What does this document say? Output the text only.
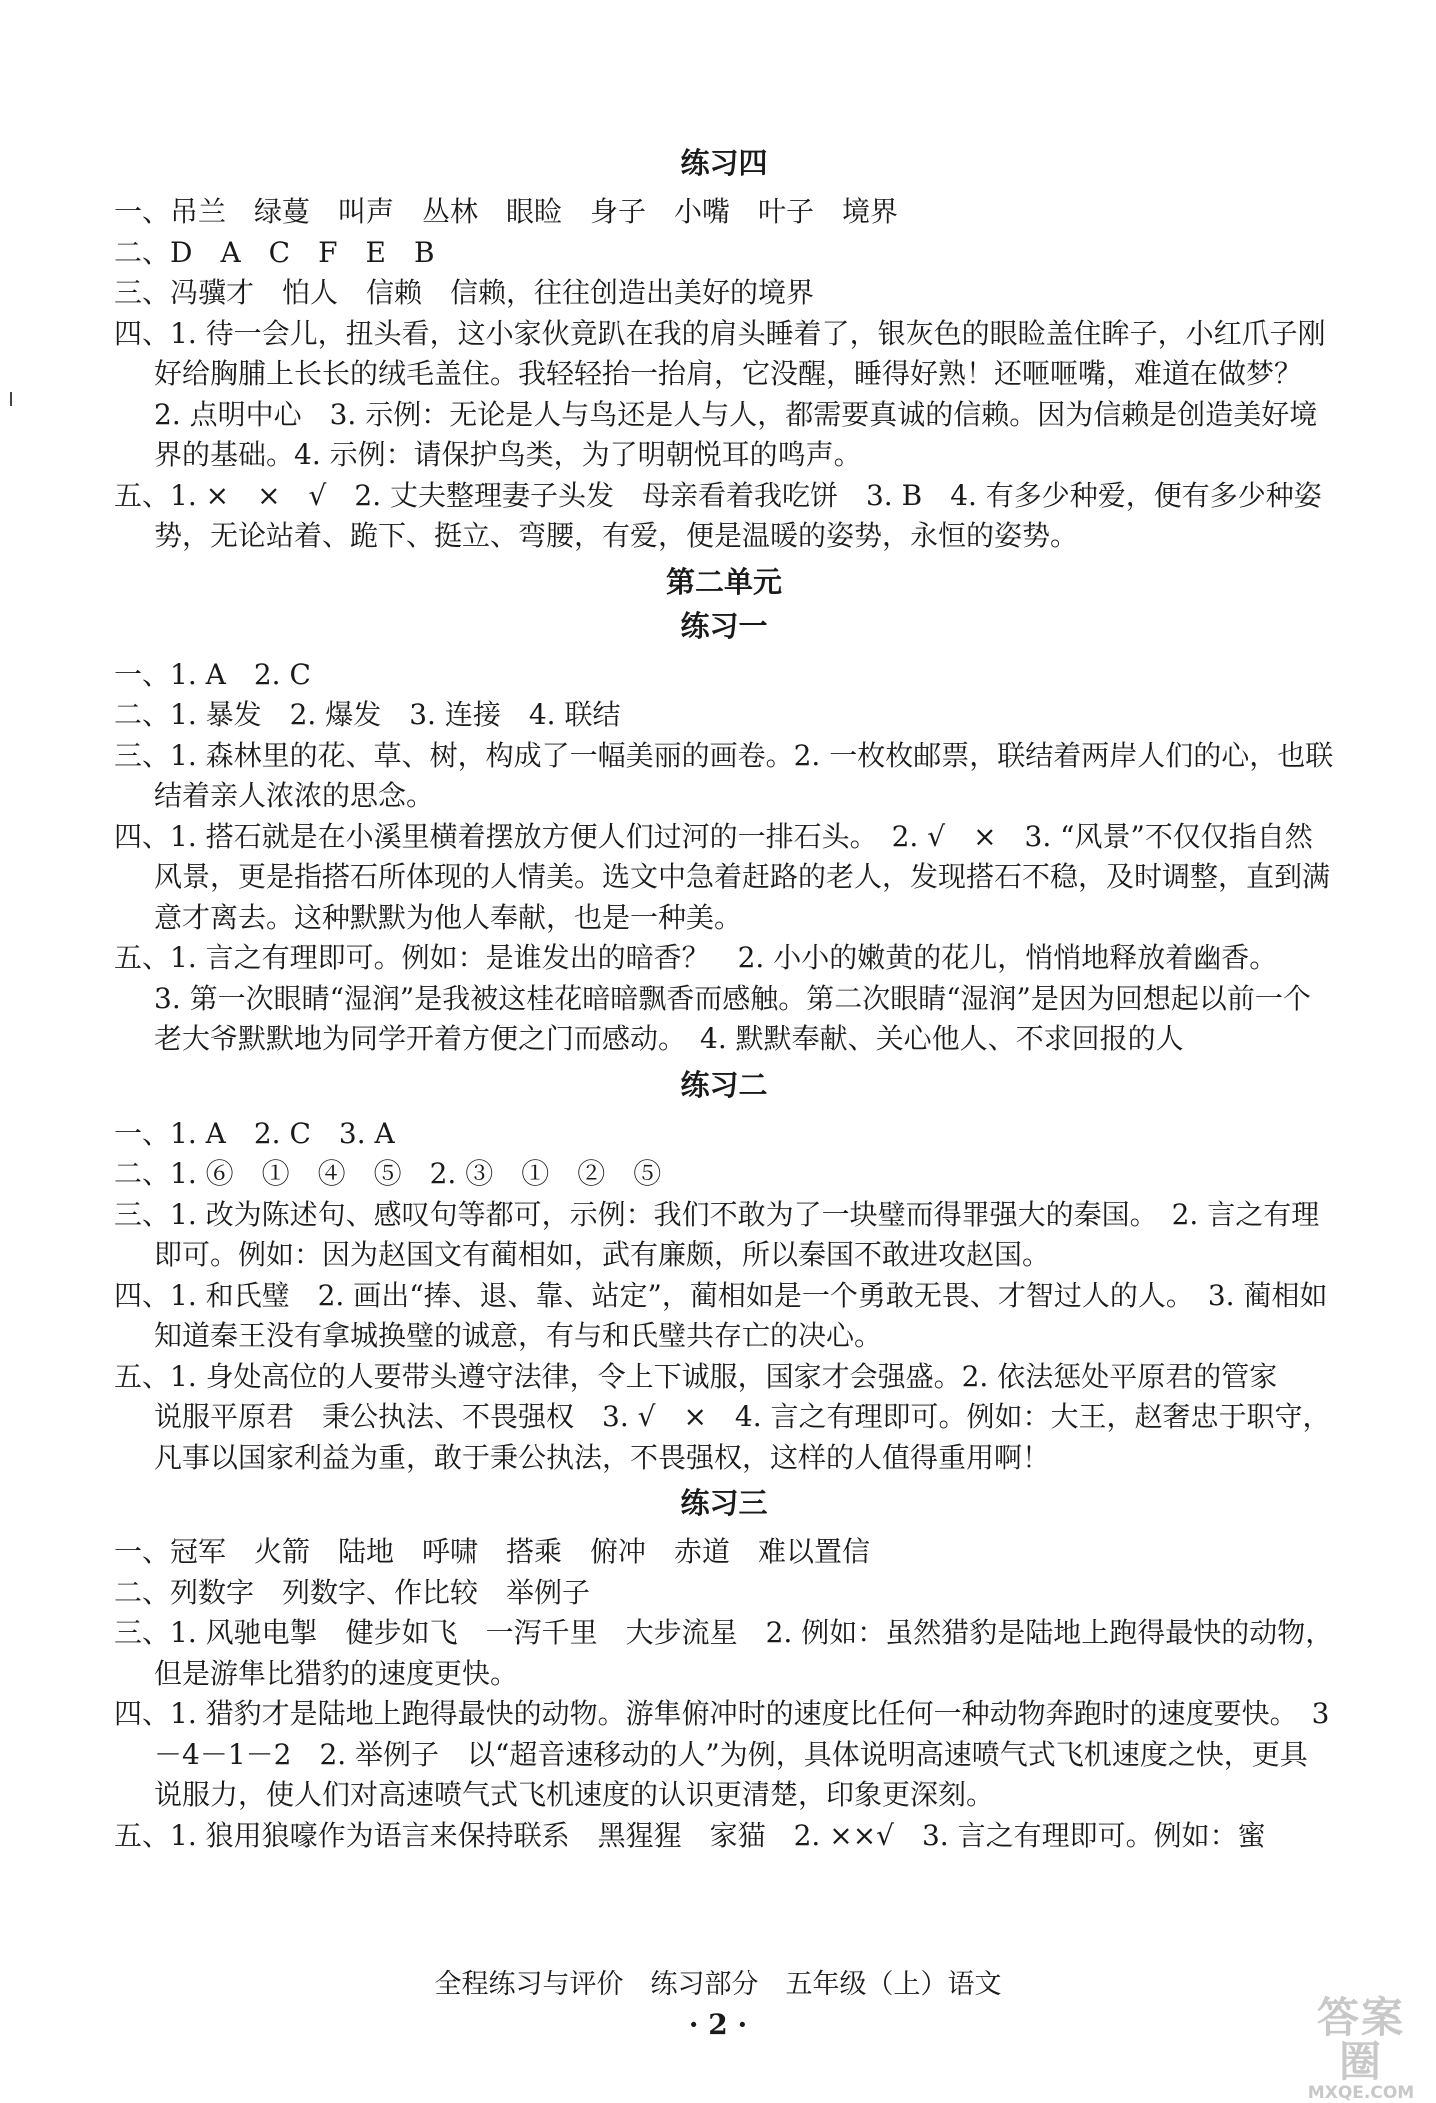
练习四
一、吊兰　绿蔓　叫声　丛林　眼睑　身子　小嘴　叶子　境界
二、D　A　C　F　E　B
三、冯骥才　怕人　信赖　信赖，往往创造出美好的境界
四、1. 待一会儿，扭头看，这小家伙竟趴在我的肩头睡着了，银灰色的眼睑盖住眸子，小红爪子刚好给胸脯上长长的绒毛盖住。我轻轻抬一抬肩，它没醒，睡得好熟！还咂咂嘴，难道在做梦？　2. 点明中心　3. 示例：无论是人与鸟还是人与人，都需要真诚的信赖。因为信赖是创造美好境界的基础。4. 示例：请保护鸟类，为了明朝悦耳的鸣声。
五、1. ×　×　√　2. 丈夫整理妻子头发　母亲看着我吃饼　3. B　4. 有多少种爱，便有多少种姿势，无论站着、跪下、挺立、弯腰，有爱，便是温暖的姿势，永恒的姿势。
第二单元
练习一
一、1. A　2. C
二、1. 暴发　2. 爆发　3. 连接　4. 联结
三、1. 森林里的花、草、树，构成了一幅美丽的画卷。2. 一枚枚邮票，联结着两岸人们的心，也联结着亲人浓浓的思念。
四、1. 搭石就是在小溪里横着摆放方便人们过河的一排石头。　2. √　×　3. “风景”不仅仅指自然风景，更是指搭石所体现的人情美。选文中急着赶路的老人，发现搭石不稳，及时调整，直到满意才离去。这种默默为他人奉献，也是一种美。
五、1. 言之有理即可。例如：是谁发出的暗香？　2. 小小的嫩黄的花儿，悄悄地释放着幽香。
3. 第一次眼睛“湿润”是我被这桂花暗暗飘香而感触。第二次眼睛“湿润”是因为回想起以前一个老大爷默默地为同学开着方便之门而感动。　4. 默默奉献、关心他人、不求回报的人
练习二
一、1. A　2. C　3. A
二、1. ⑥　①　④　⑤　2. ③　①　②　⑤
三、1. 改为陈述句、感叹句等都可，示例：我们不敢为了一块璧而得罪强大的秦国。　2. 言之有理即可。例如：因为赵国文有蔺相如，武有廉颇，所以秦国不敢进攻赵国。
四、1. 和氏璧　2. 画出“捧、退、靠、站定”，蔺相如是一个勇敢无畏、才智过人的人。　3. 蔺相如知道秦王没有拿城换璧的诚意，有与和氏璧共存亡的决心。
五、1. 身处高位的人要带头遵守法律，令上下诚服，国家才会强盛。2. 依法惩处平原君的管家
说服平原君　秉公执法、不畏强权　3. √　×　4. 言之有理即可。例如：大王，赵奢忠于职守，凡事以国家利益为重，敢于秉公执法，不畏强权，这样的人值得重用啊！
练习三
一、冠军　火箭　陆地　呼啸　搭乘　俯冲　赤道　难以置信
二、列数字　列数字、作比较　举例子
三、1. 风驰电掣　健步如飞　一泻千里　大步流星　2. 例如：虽然猎豹是陆地上跑得最快的动物，但是游隼比猎豹的速度更快。
四、1. 猎豹才是陆地上跑得最快的动物。游隼俯冲时的速度比任何一种动物奔跑时的速度要快。　3－4－1－2　2. 举例子　以“超音速移动的人”为例，具体说明高速喷气式飞机速度之快，更具说服力，使人们对高速喷气式飞机速度的认识更清楚，印象更深刻。
五、1. 狼用狼嚎作为语言来保持联系　黑猩猩　家猫　2. ××√　3. 言之有理即可。例如：蜜
全程练习与评价　练习部分　五年级（上）语文
· 2 ·	答案圈
MXQE.COM
